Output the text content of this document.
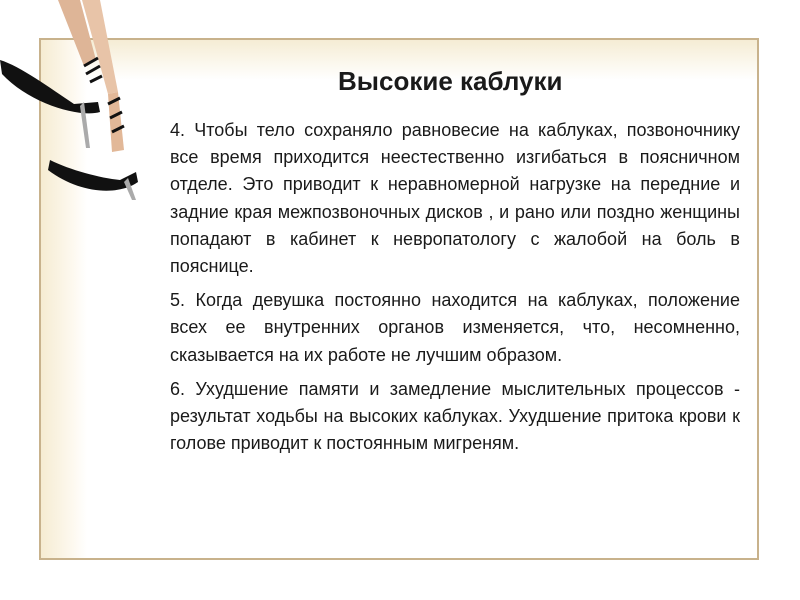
Высокие каблуки

4. Чтобы тело сохраняло равновесие на каблуках, позвоночнику все время приходится неестественно изгибаться в поясничном отделе. Это приводит к неравномерной нагрузке на передние и задние края межпозвоночных дисков , и рано или поздно женщины попадают в кабинет к невропатологу с жалобой на боль в пояснице.

5. Когда девушка постоянно находится на каблуках, положение всех ее внутренних органов изменяется, что, несомненно, сказывается на их работе не лучшим образом.

6. Ухудшение памяти и замедление мыслительных процессов - результат ходьбы на высоких каблуках. Ухудшение притока крови к голове приводит к постоянным мигреням.
